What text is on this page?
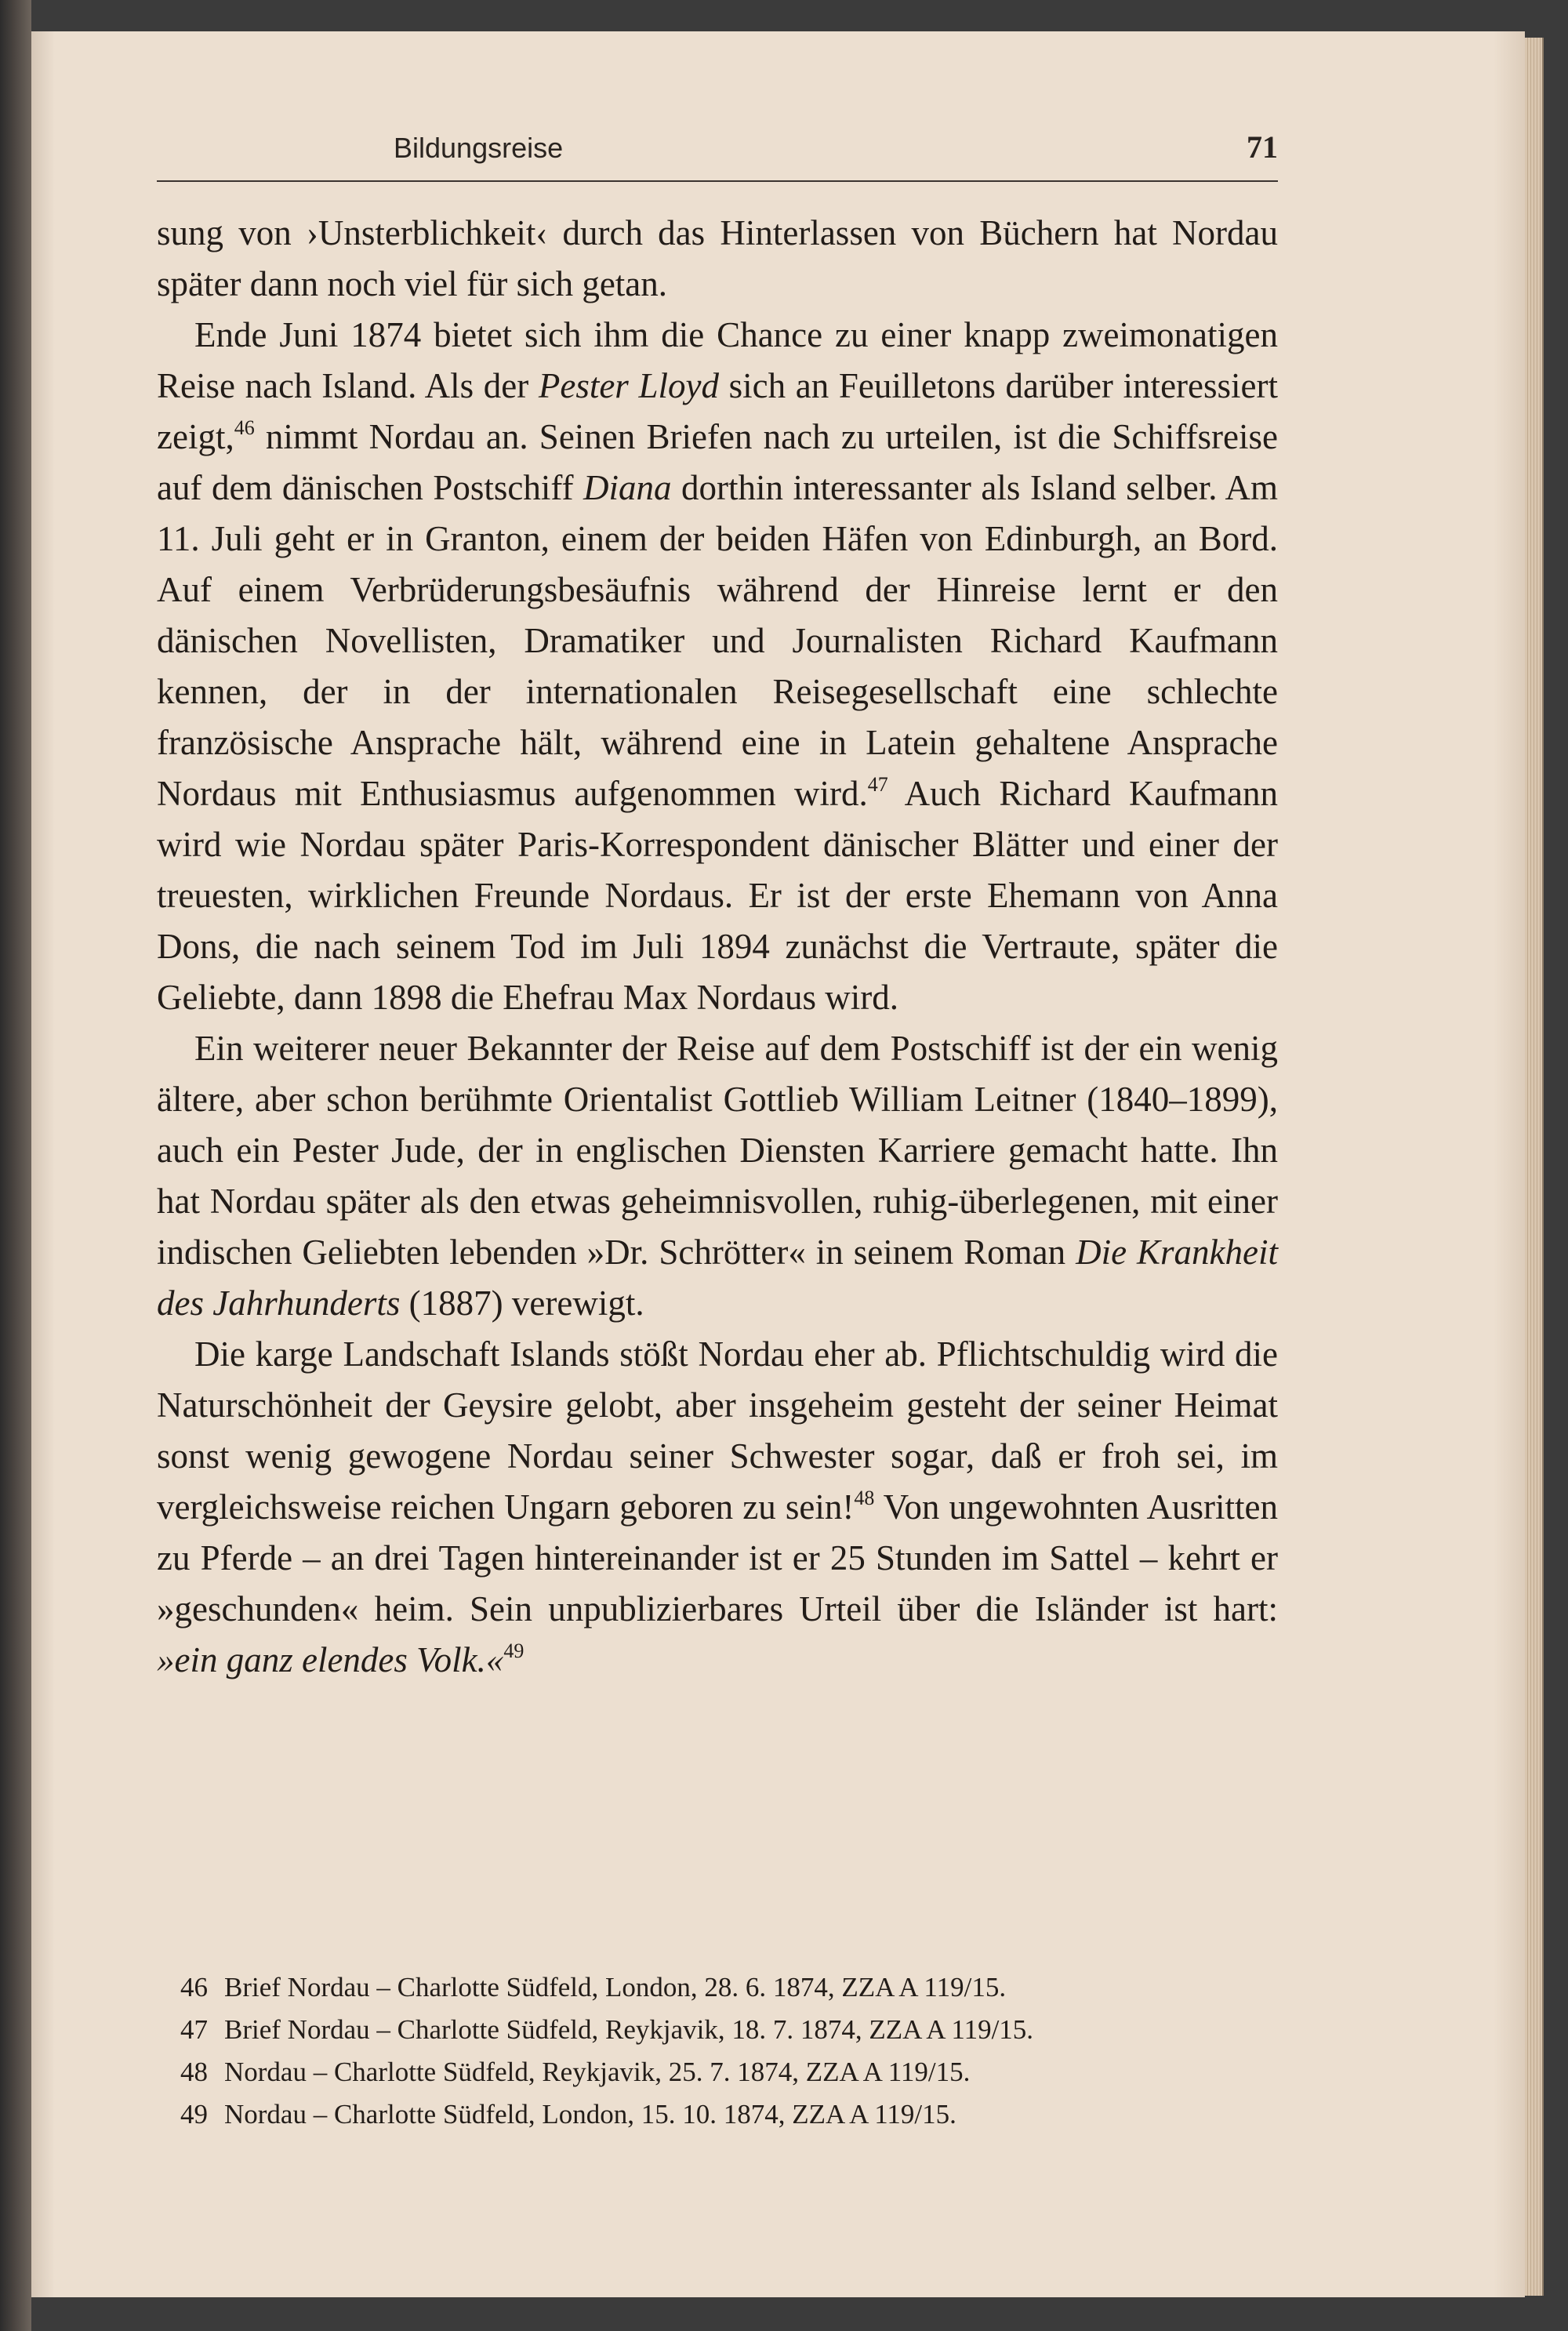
Bildungsreise	71

sung von ›Unsterblichkeit‹ durch das Hinterlassen von Büchern hat Nordau später dann noch viel für sich getan.

Ende Juni 1874 bietet sich ihm die Chance zu einer knapp zweimonatigen Reise nach Island. Als der Pester Lloyd sich an Feuilletons darüber interessiert zeigt,$^{46}$ nimmt Nordau an. Seinen Briefen nach zu urteilen, ist die Schiffsreise auf dem dänischen Postschiff Diana dorthin interessanter als Island selber. Am 11. Juli geht er in Granton, einem der beiden Häfen von Edinburgh, an Bord. Auf einem Verbrüderungsbesäufnis während der Hinreise lernt er den dänischen Novellisten, Dramatiker und Journalisten Richard Kaufmann kennen, der in der internationalen Reisegesellschaft eine schlechte französische Ansprache hält, während eine in Latein gehaltene Ansprache Nordaus mit Enthusiasmus aufgenommen wird.$^{47}$ Auch Richard Kaufmann wird wie Nordau später Paris-Korrespondent dänischer Blätter und einer der treuesten, wirklichen Freunde Nordaus. Er ist der erste Ehemann von Anna Dons, die nach seinem Tod im Juli 1894 zunächst die Vertraute, später die Geliebte, dann 1898 die Ehefrau Max Nordaus wird.

Ein weiterer neuer Bekannter der Reise auf dem Postschiff ist der ein wenig ältere, aber schon berühmte Orientalist Gottlieb William Leitner (1840–1899), auch ein Pester Jude, der in englischen Diensten Karriere gemacht hatte. Ihn hat Nordau später als den etwas geheimnisvollen, ruhig-überlegenen, mit einer indischen Geliebten lebenden »Dr. Schrötter« in seinem Roman Die Krankheit des Jahrhunderts (1887) verewigt.

Die karge Landschaft Islands stößt Nordau eher ab. Pflichtschuldig wird die Naturschönheit der Geysire gelobt, aber insgeheim gesteht der seiner Heimat sonst wenig gewogene Nordau seiner Schwester sogar, daß er froh sei, im vergleichsweise reichen Ungarn geboren zu sein!$^{48}$ Von ungewohnten Ausritten zu Pferde – an drei Tagen hintereinander ist er 25 Stunden im Sattel – kehrt er »geschunden« heim. Sein unpublizierbares Urteil über die Isländer ist hart: »ein ganz elendes Volk.«$^{49}$

46 Brief Nordau – Charlotte Südfeld, London, 28. 6. 1874, ZZA A 119/15.
47 Brief Nordau – Charlotte Südfeld, Reykjavik, 18. 7. 1874, ZZA A 119/15.
48 Nordau – Charlotte Südfeld, Reykjavik, 25. 7. 1874, ZZA A 119/15.
49 Nordau – Charlotte Südfeld, London, 15. 10. 1874, ZZA A 119/15.
